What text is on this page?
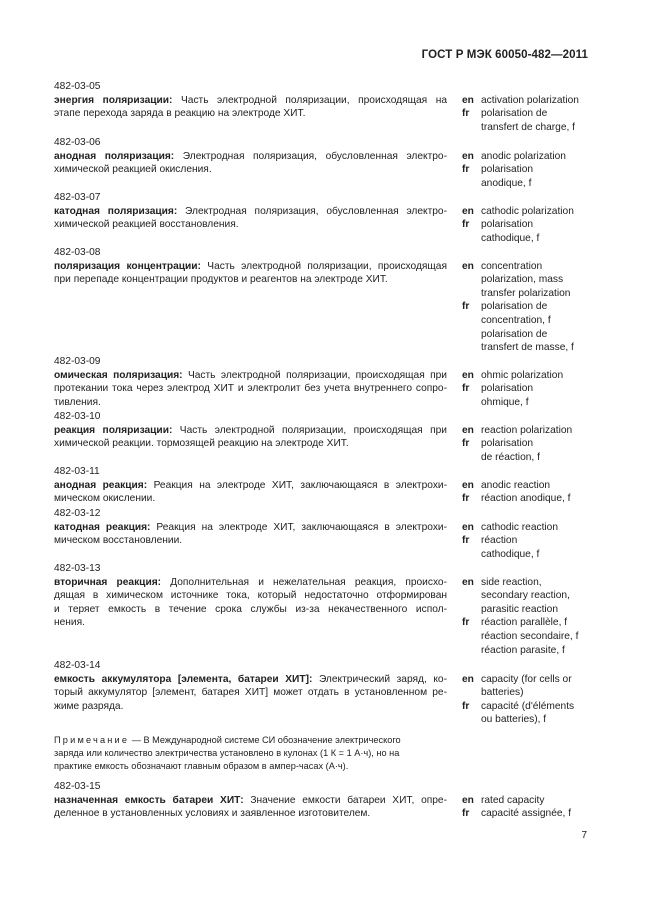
ГОСТ Р МЭК 60050-482—2011
482-03-05
энергия поляризации: Часть электродной поляризации, происходящая на
этапе перехода заряда в реакцию на электроде ХИТ.
en activation polarization
fr	polarisation de
transfert de charge, f
482-03-06
анодная поляризация: Электродная поляризация, обусловленная электро-
химической реакцией окисления.
en anodic polarization
fr	polarisation
anodique, f
482-03-07
катодная поляризация: Электродная поляризация, обусловленная электро-
химической реакцией восстановления.
en cathodic polarization
fr	polarisation
cathodique, f
482-03-08
поляризация концентрации: Часть электродной поляризации, происходящая
при перепаде концентрации продуктов и реагентов на электроде ХИТ.
en concentration
polarization, mass
transfer polarization
fr	polarisation de
concentration, f
polarisation de
transfert de masse, f
482-03-09
омическая поляризация: Часть электродной поляризации, происходящая при
протекании тока через электрод ХИТ и электролит без учета внутреннего сопро-
тивления.
en ohmic polarization
fr	polarisation
ohmique, f
482-03-10
реакция поляризации: Часть электродной поляризации, происходящая при
химической реакции. тормозящей реакцию на электроде ХИТ.
en reaction polarization
fr	polarisation
de réaction, f
482-03-11
анодная реакция: Реакция на электроде ХИТ, заключающаяся в электрохи-
мическом окислении.
en anodic reaction
fr	réaction anodique, f
482-03-12
катодная реакция: Реакция на электроде ХИТ, заключающаяся в электрохи-
мическом восстановлении.
en cathodic reaction
fr	réaction
cathodique, f
482-03-13
вторичная реакция: Дополнительная и нежелательная реакция, происхо-
дящая в химическом источнике тока, который недостаточно отформирован
и теряет емкость в течение срока службы из-за некачественного испол-
нения.
en side reaction,
secondary reaction,
parasitic reaction
fr	réaction parallèle, f
réaction secondaire, f
réaction parasite, f
482-03-14
емкость аккумулятора [элемента, батареи ХИТ]: Электрический заряд, ко-
торый аккумулятор [элемент, батарея ХИТ] может отдать в установленном ре-
жиме разряда.
en capacity (for cells or
batteries)
fr	capacité (d'éléments
ou batteries), f
482-03-15
назначенная емкость батареи ХИТ: Значение емкости батареи ХИТ, опре-
деленное в установленных условиях и заявленное изготовителем.
en rated capacity
fr	capacité assignée, f
Примечание — В Международной системе СИ обозначение электрического
заряда или количество электричества установлено в кулонах (1 К = 1 А·ч), но на
практике емкость обозначают главным образом в ампер-часах (А·ч).
7
